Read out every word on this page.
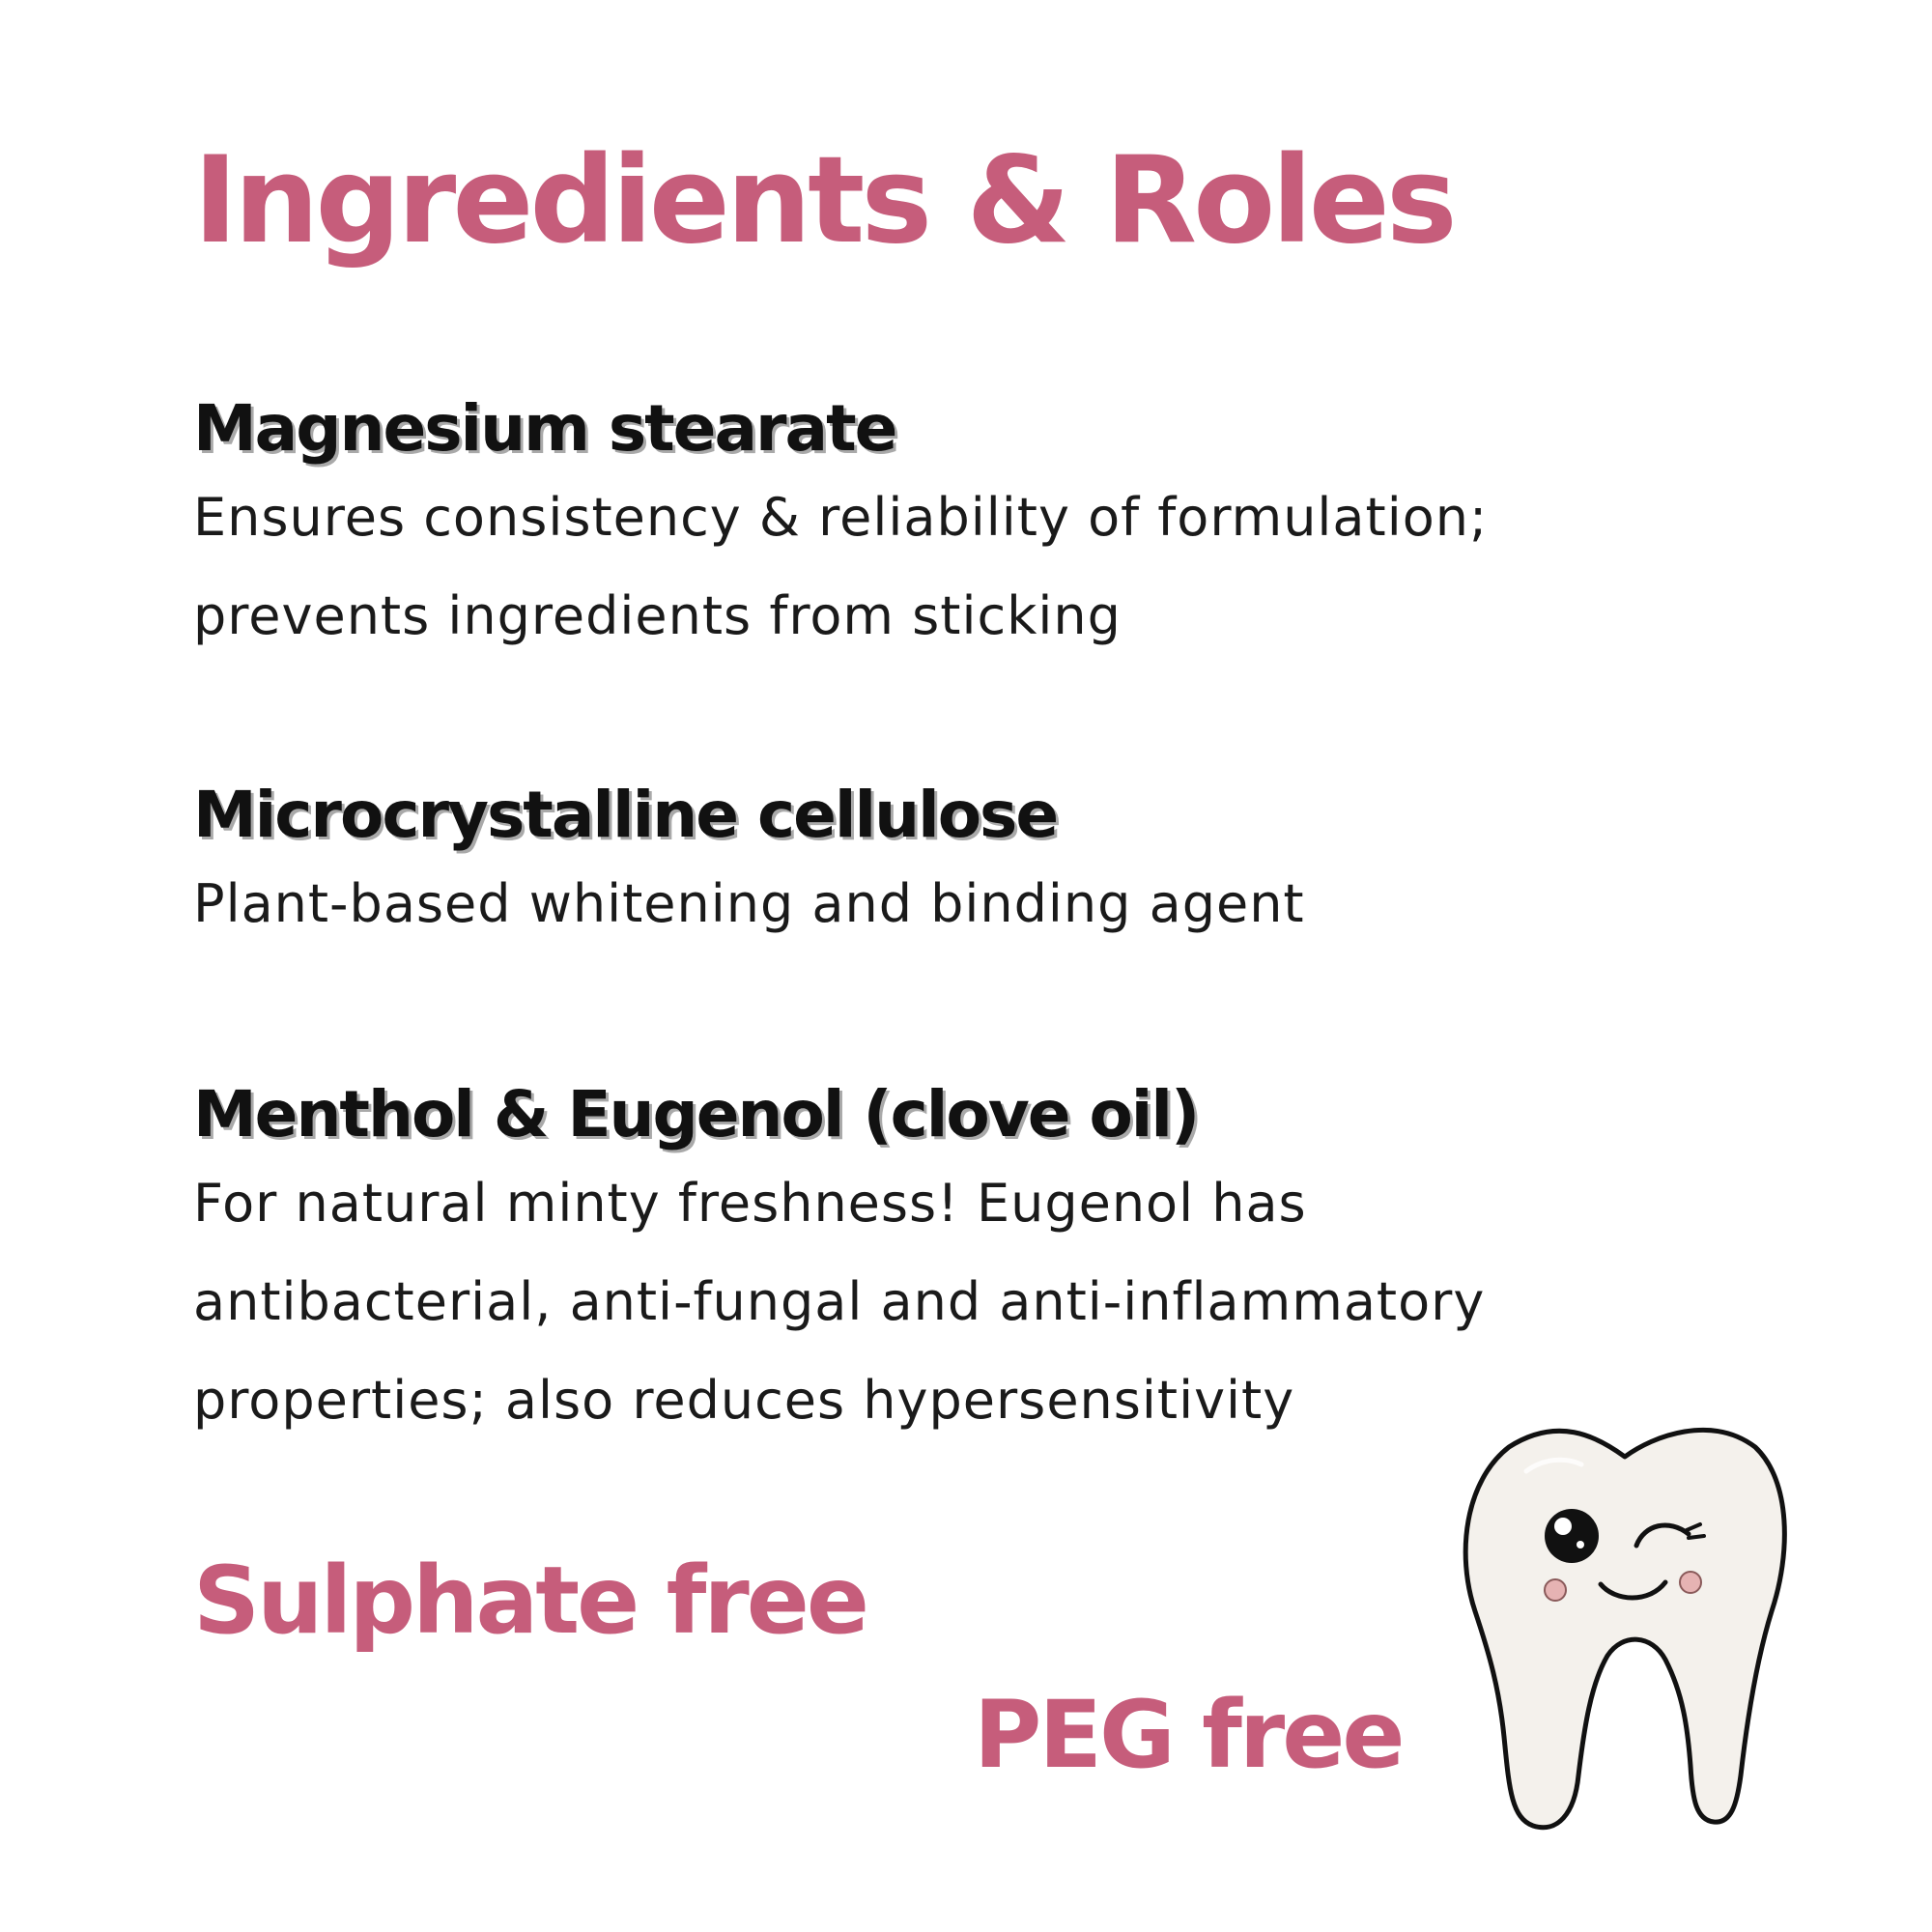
Ingredients & Roles
Magnesium stearate

Ensures consistency & reliability of formulation;
prevents ingredients from sticking

Microcrystalline cellulose

Plant-based whitening and binding agent

Menthol & Eugenol (clove oil)

For natural minty freshness! Eugenol has
antibacterial, anti-fungal and anti-inflammatory
properties; also reduces hypersensitivity

Sulphate free
PEG free
